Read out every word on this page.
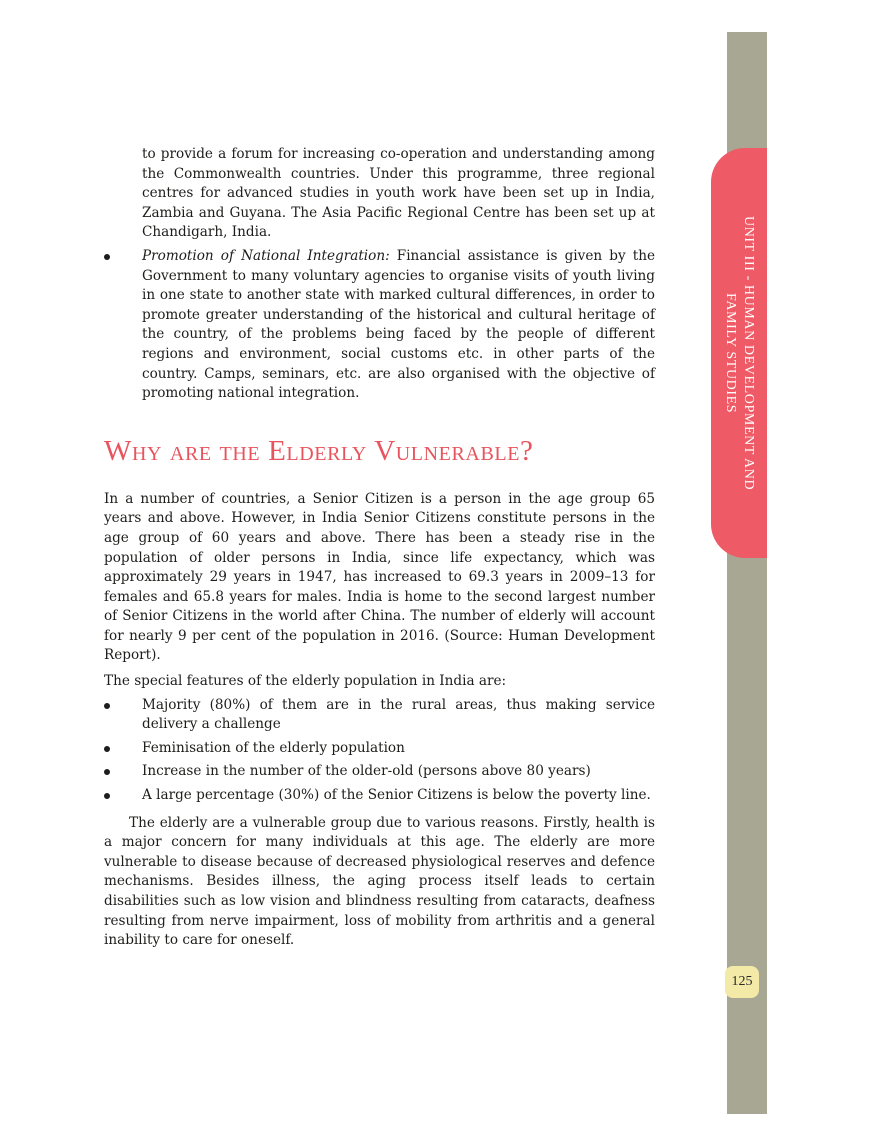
UNIT III - HUMAN DEVELOPMENT AND
FAMILY STUDIES
125

to provide a forum for increasing co-operation and understanding among the Commonwealth countries. Under this programme, three regional centres for advanced studies in youth work have been set up in India, Zambia and Guyana. The Asia Pacific Regional Centre has been set up at Chandigarh, India.

Promotion of National Integration: Financial assistance is given by the Government to many voluntary agencies to organise visits of youth living in one state to another state with marked cultural differences, in order to promote greater understanding of the historical and cultural heritage of the country, of the problems being faced by the people of different regions and environment, social customs etc. in other parts of the country. Camps, seminars, etc. are also organised with the objective of promoting national integration.
Why are the Elderly Vulnerable?

In a number of countries, a Senior Citizen is a person in the age group 65 years and above. However, in India Senior Citizens constitute persons in the age group of 60 years and above. There has been a steady rise in the population of older persons in India, since life expectancy, which was approximately 29 years in 1947, has increased to 69.3 years in 2009–13 for females and 65.8 years for males. India is home to the second largest number of Senior Citizens in the world after China. The number of elderly will account for nearly 9 per cent of the population in 2016. (Source: Human Development Report).

The special features of the elderly population in India are:

Majority (80%) of them are in the rural areas, thus making service delivery a challenge
Feminisation of the elderly population
Increase in the number of the older-old (persons above 80 years)
A large percentage (30%) of the Senior Citizens is below the poverty line.

The elderly are a vulnerable group due to various reasons. Firstly, health is a major concern for many individuals at this age. The elderly are more vulnerable to disease because of decreased physiological reserves and defence mechanisms. Besides illness, the aging process itself leads to certain disabilities such as low vision and blindness resulting from cataracts, deafness resulting from nerve impairment, loss of mobility from arthritis and a general inability to care for oneself.
